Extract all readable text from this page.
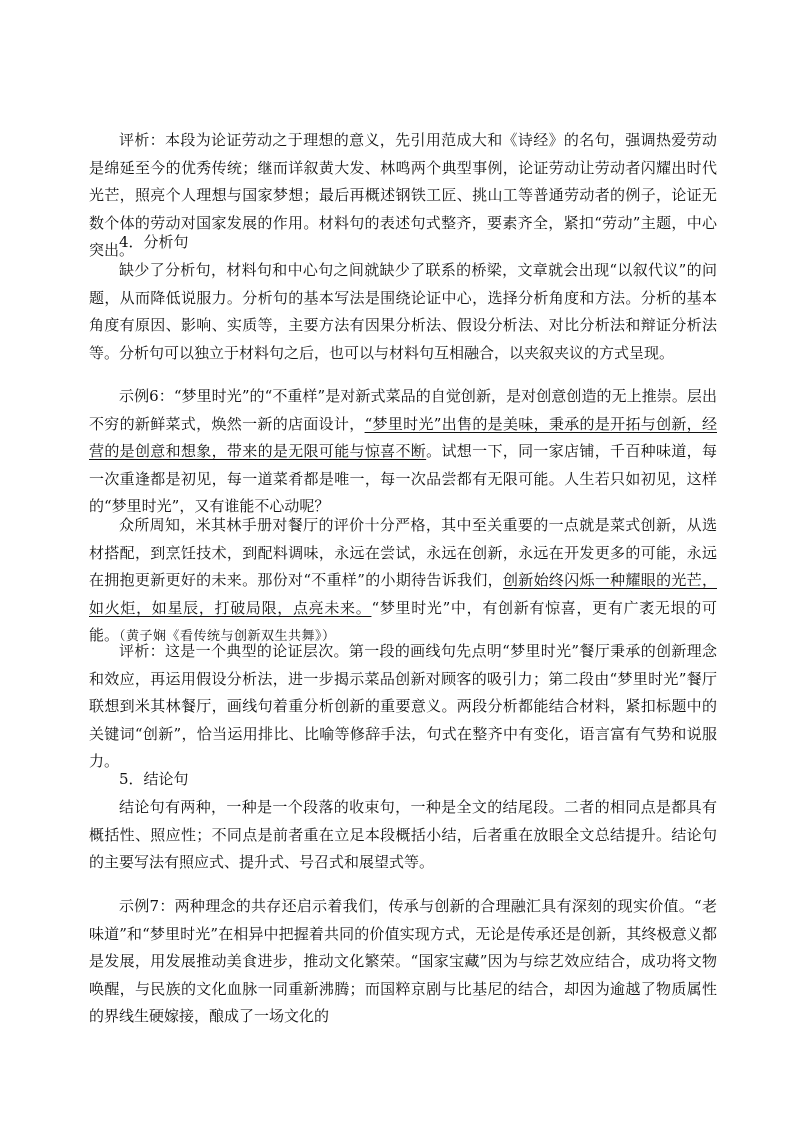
评析：本段为论证劳动之于理想的意义，先引用范成大和《诗经》的名句，强调热爱劳动是绵延至今的优秀传统；继而详叙黄大发、林鸣两个典型事例，论证劳动让劳动者闪耀出时代光芒，照亮个人理想与国家梦想；最后再概述钢铁工匠、挑山工等普通劳动者的例子，论证无数个体的劳动对国家发展的作用。材料句的表述句式整齐，要素齐全，紧扣“劳动”主题，中心突出。

4．分析句

缺少了分析句，材料句和中心句之间就缺少了联系的桥梁，文章就会出现“以叙代议”的问题，从而降低说服力。分析句的基本写法是围绕论证中心，选择分析角度和方法。分析的基本角度有原因、影响、实质等，主要方法有因果分析法、假设分析法、对比分析法和辩证分析法等。分析句可以独立于材料句之后，也可以与材料句互相融合，以夹叙夹议的方式呈现。

示例6：“梦里时光”的“不重样”是对新式菜品的自觉创新，是对创意创造的无上推崇。层出不穷的新鲜菜式，焕然一新的店面设计，“梦里时光”出售的是美味，秉承的是开拓与创新，经营的是创意和想象，带来的是无限可能与惊喜不断。试想一下，同一家店铺，千百种味道，每一次重逢都是初见，每一道菜肴都是唯一，每一次品尝都有无限可能。人生若只如初见，这样的“梦里时光”，又有谁能不心动呢？

众所周知，米其林手册对餐厅的评价十分严格，其中至关重要的一点就是菜式创新，从选材搭配，到烹饪技术，到配料调味，永远在尝试，永远在创新，永远在开发更多的可能，永远在拥抱更新更好的未来。那份对“不重样”的小期待告诉我们，创新始终闪烁一种耀眼的光芒，如火炬，如星辰，打破局限，点亮未来。“梦里时光”中，有创新有惊喜，更有广袤无垠的可能。（黄子娴《看传统与创新双生共舞》）

评析：这是一个典型的论证层次。第一段的画线句先点明“梦里时光”餐厅秉承的创新理念和效应，再运用假设分析法，进一步揭示菜品创新对顾客的吸引力；第二段由“梦里时光”餐厅联想到米其林餐厅，画线句着重分析创新的重要意义。两段分析都能结合材料，紧扣标题中的关键词“创新”，恰当运用排比、比喻等修辞手法，句式在整齐中有变化，语言富有气势和说服力。

5．结论句

结论句有两种，一种是一个段落的收束句，一种是全文的结尾段。二者的相同点是都具有概括性、照应性；不同点是前者重在立足本段概括小结，后者重在放眼全文总结提升。结论句的主要写法有照应式、提升式、号召式和展望式等。

示例7：两种理念的共存还启示着我们，传承与创新的合理融汇具有深刻的现实价值。“老味道”和“梦里时光”在相异中把握着共同的价值实现方式，无论是传承还是创新，其终极意义都是发展，用发展推动美食进步，推动文化繁荣。“国家宝藏”因为与综艺效应结合，成功将文物唤醒，与民族的文化血脉一同重新沸腾；而国粹京剧与比基尼的结合，却因为逾越了物质属性的界线生硬嫁接，酿成了一场文化的
